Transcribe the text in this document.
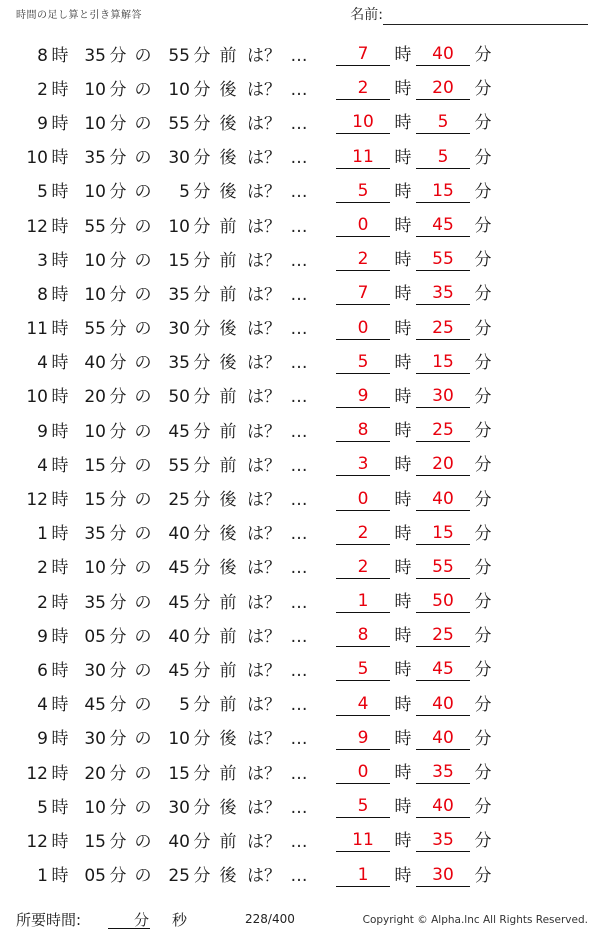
時間の足し算と引き算解答	名前:
8 時 35 分 の 55 分 前 は？ …	7	時	40	分
2 時 10 分 の 10 分 後 は？ …	2	時	20	分
9 時 10 分 の 55 分 後 は？ …	10	時	5	分
10 時 35 分 の 30 分 後 は？ …	11	時	5	分
5 時 10 分 の	5 分 後 は？ …	5	時	15	分
12 時 55 分 の 10 分 前 は？ …	0	時	45	分
3 時 10 分 の 15 分 前 は？ …	2	時	55	分
8 時 10 分 の 35 分 前 は？ …	7	時	35	分
11 時 55 分 の 30 分 後 は？ …	0	時	25	分
4 時 40 分 の 35 分 後 は？ …	5	時	15	分
10 時 20 分 の 50 分 前 は？ …	9	時	30	分
9 時 10 分 の 45 分 前 は？ …	8	時	25	分
4 時 15 分 の 55 分 前 は？ …	3	時	20	分
12 時 15 分 の 25 分 後 は？ …	0	時	40	分
1 時 35 分 の 40 分 後 は？ …	2	時	15	分
2 時 10 分 の 45 分 後 は？ …	2	時	55	分
2 時 35 分 の 45 分 前 は？ …	1	時	50	分
9 時 05 分 の 40 分 前 は？ …	8	時	25	分
6 時 30 分 の 45 分 前 は？ …	5	時	45	分
4 時 45 分 の	5 分 前 は？ …	4	時	40	分
9 時 30 分 の 10 分 後 は？ …	9	時	40	分
12 時 20 分 の 15 分 前 は？ …	0	時	35	分
5 時 10 分 の 30 分 後 は？ …	5	時	40	分
12 時 15 分 の 40 分 前 は？ …	11	時	35	分
1 時 05 分 の 25 分 後 は？ …	1	時	30	分
所要時間:	分 秒	228/400	Copyright © Alpha.lnc All Rights Reserved.
